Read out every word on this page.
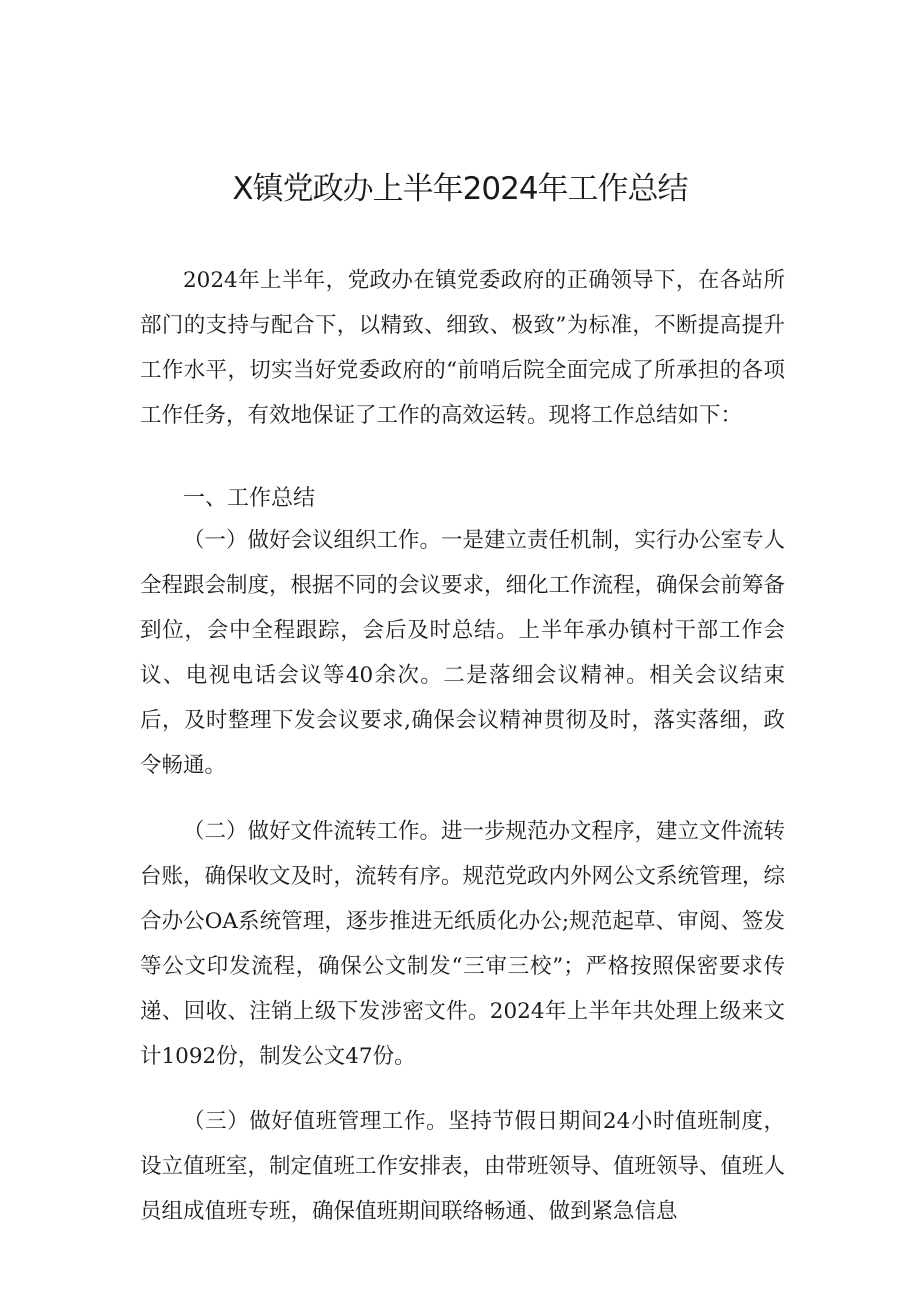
X镇党政办上半年2024年工作总结

2024年上半年，党政办在镇党委政府的正确领导下，在各站所部门的支持与配合下，以精致、细致、极致”为标准，不断提高提升工作水平，切实当好党委政府的“前哨后院全面完成了所承担的各项工作任务，有效地保证了工作的高效运转。现将工作总结如下：

一、工作总结

（一）做好会议组织工作。一是建立责任机制，实行办公室专人全程跟会制度，根据不同的会议要求，细化工作流程，确保会前筹备到位，会中全程跟踪，会后及时总结。上半年承办镇村干部工作会议、电视电话会议等40余次。二是落细会议精神。相关会议结束后，及时整理下发会议要求,确保会议精神贯彻及时，落实落细，政令畅通。

（二）做好文件流转工作。进一步规范办文程序，建立文件流转台账，确保收文及时，流转有序。规范党政内外网公文系统管理，综合办公OA系统管理，逐步推进无纸质化办公;规范起草、审阅、签发等公文印发流程，确保公文制发“三审三校”；严格按照保密要求传递、回收、注销上级下发涉密文件。2024年上半年共处理上级来文计1092份，制发公文47份。

（三）做好值班管理工作。坚持节假日期间24小时值班制度，设立值班室，制定值班工作安排表，由带班领导、值班领导、值班人员组成值班专班，确保值班期间联络畅通、做到紧急信息
